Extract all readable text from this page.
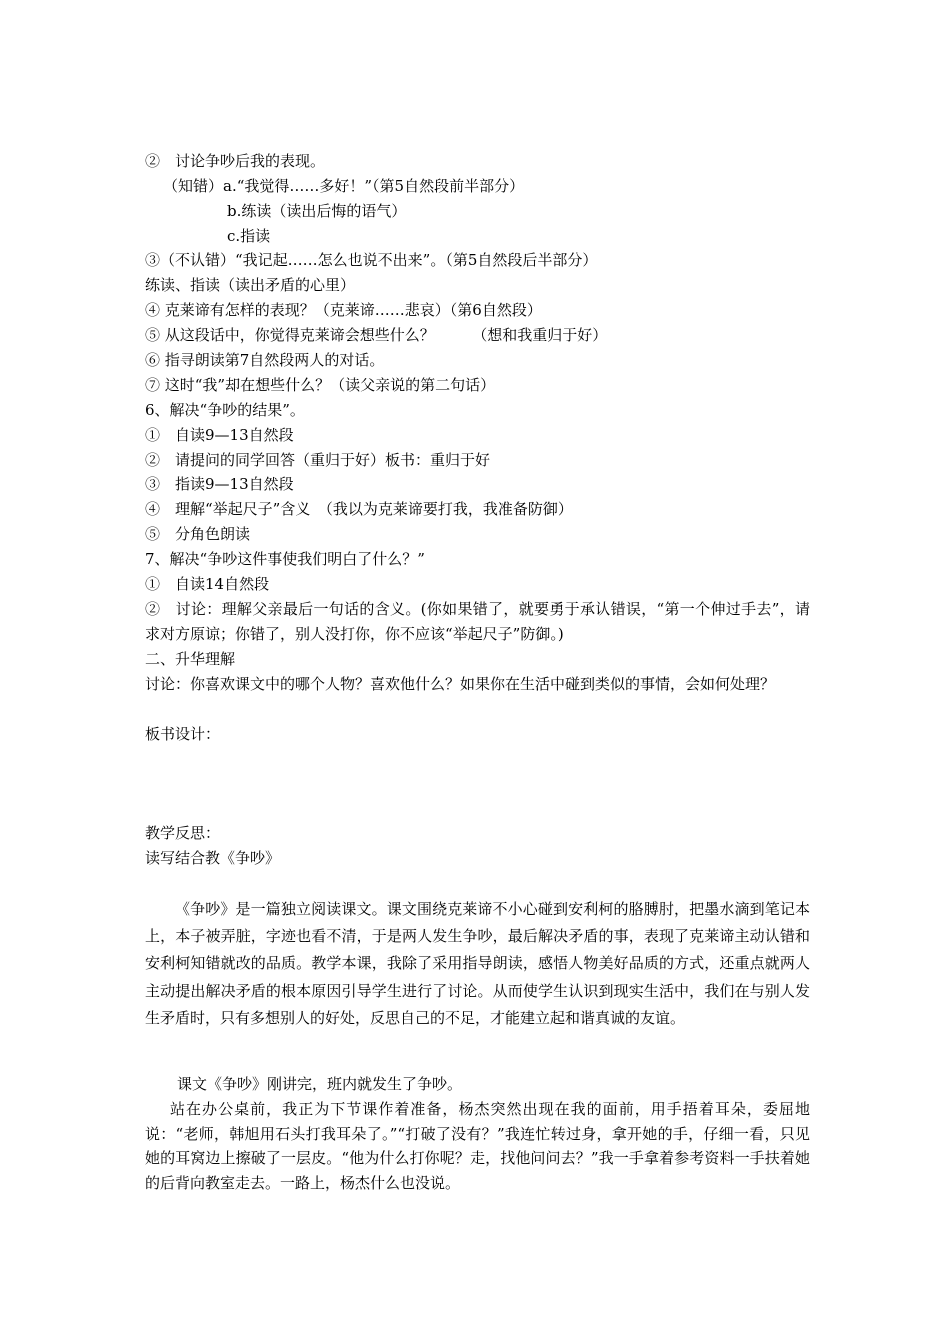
②　讨论争吵后我的表现。
（知错）a.“我觉得……多好！”（第5自然段前半部分）
b.练读（读出后悔的语气）
c.指读
③（不认错）“我记起……怎么也说不出来”。（第5自然段后半部分）
练读、指读（读出矛盾的心里）
④ 克莱谛有怎样的表现？（克莱谛……悲哀）（第6自然段）
⑤ 从这段话中，你觉得克莱谛会想些什么？　　　（想和我重归于好）
⑥ 指寻朗读第7自然段两人的对话。
⑦ 这时“我”却在想些什么？（读父亲说的第二句话）
6、解决“争吵的结果”。
①　自读9—13自然段
②　请提问的同学回答（重归于好）板书：重归于好
③　指读9—13自然段
④　理解“举起尺子”含义　（我以为克莱谛要打我，我准备防御）
⑤　分角色朗读
7、解决“争吵这件事使我们明白了什么？”
①　自读14自然段
②　讨论：理解父亲最后一句话的含义。(你如果错了，就要勇于承认错误，“第一个伸过手去”，请求对方原谅；你错了，别人没打你，你不应该“举起尺子”防御。)
二、升华理解
讨论：你喜欢课文中的哪个人物？喜欢他什么？如果你在生活中碰到类似的事情，会如何处理？
板书设计：
教学反思：
读写结合教《争吵》
《争吵》是一篇独立阅读课文。课文围绕克莱谛不小心碰到安利柯的胳膊肘，把墨水滴到笔记本上，本子被弄脏，字迹也看不清，于是两人发生争吵，最后解决矛盾的事，表现了克莱谛主动认错和安利柯知错就改的品质。教学本课，我除了采用指导朗读，感悟人物美好品质的方式，还重点就两人主动提出解决矛盾的根本原因引导学生进行了讨论。从而使学生认识到现实生活中，我们在与别人发生矛盾时，只有多想别人的好处，反思自己的不足，才能建立起和谐真诚的友谊。
课文《争吵》刚讲完，班内就发生了争吵。
站在办公桌前，我正为下节课作着准备，杨杰突然出现在我的面前，用手捂着耳朵，委屈地说：“老师，韩旭用石头打我耳朵了。”“打破了没有？”我连忙转过身，拿开她的手，仔细一看，只见她的耳窝边上擦破了一层皮。“他为什么打你呢？走，找他问问去？”我一手拿着参考资料一手扶着她的后背向教室走去。一路上，杨杰什么也没说。
